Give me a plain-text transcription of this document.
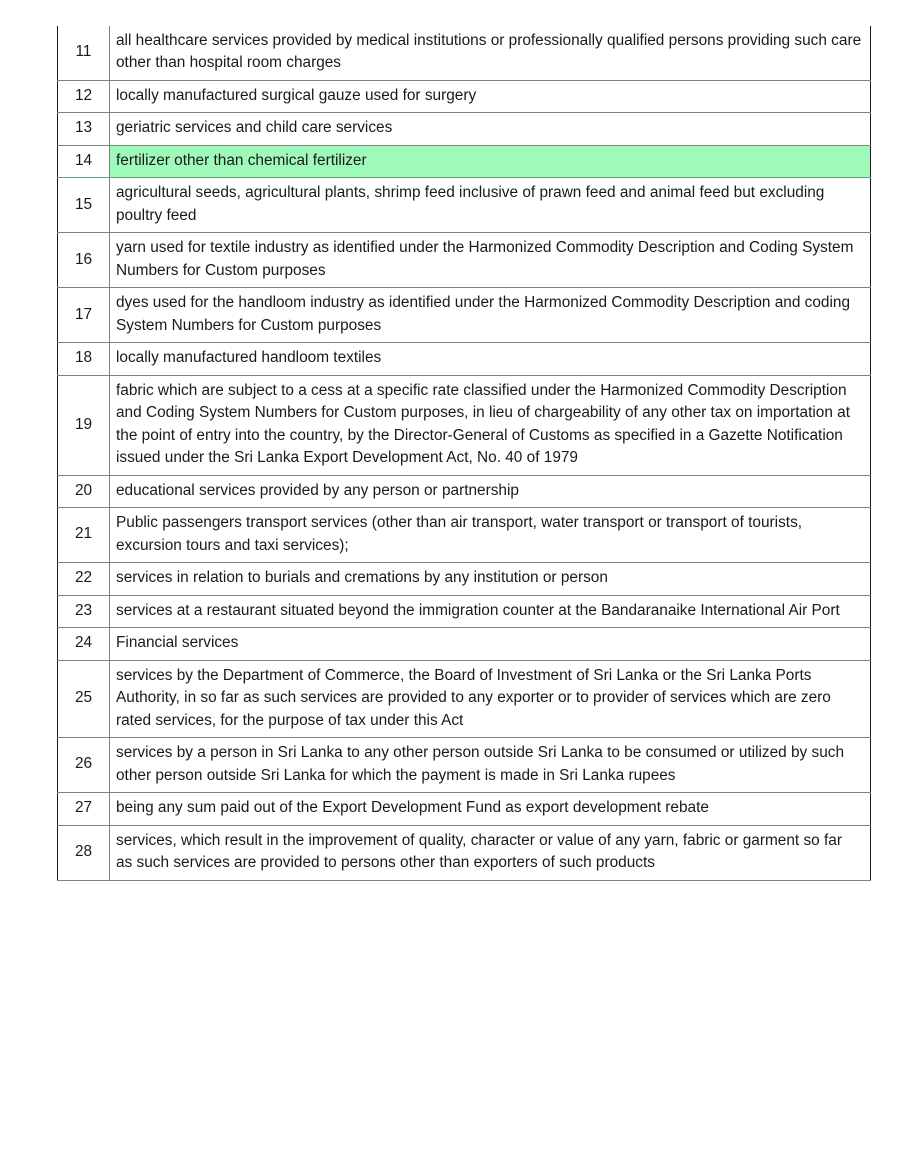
11	all healthcare services provided by medical institutions or professionally qualified persons providing such care other than hospital room charges
12	locally manufactured surgical gauze used for surgery
13	geriatric services and child care services
14	fertilizer other than chemical fertilizer
15	agricultural seeds, agricultural plants, shrimp feed inclusive of prawn feed and animal feed but excluding poultry feed
16	yarn used for textile industry as identified under the Harmonized Commodity Description and Coding System Numbers for Custom purposes
17	dyes used for the handloom industry as identified under the Harmonized Commodity Description and coding System Numbers for Custom purposes
18	locally manufactured handloom textiles
19	fabric which are subject to a cess at a specific rate classified under the Harmonized Commodity Description and Coding System Numbers for Custom purposes, in lieu of chargeability of any other tax on importation at the point of entry into the country, by the Director-General of Customs as specified in a Gazette Notification issued under the Sri Lanka Export Development Act, No. 40 of 1979
20	educational services provided by any person or partnership
21	Public passengers transport services (other than air transport, water transport or transport of tourists, excursion tours and taxi services);
22	services in relation to burials and cremations by any institution or person
23	services at a restaurant situated beyond the immigration counter at the Bandaranaike International Air Port
24	Financial services
25	services by the Department of Commerce, the Board of Investment of Sri Lanka or the Sri Lanka Ports Authority, in so far as such services are provided to any exporter or to provider of services which are zero rated services, for the purpose of tax under this Act
26	services by a person in Sri Lanka to any other person outside Sri Lanka to be consumed or utilized by such other person outside Sri Lanka for which the payment is made in Sri Lanka rupees
27	being any sum paid out of the Export Development Fund as export development rebate
28	services, which result in the improvement of quality, character or value of any yarn, fabric or garment so far as such services are provided to persons other than exporters of such products
